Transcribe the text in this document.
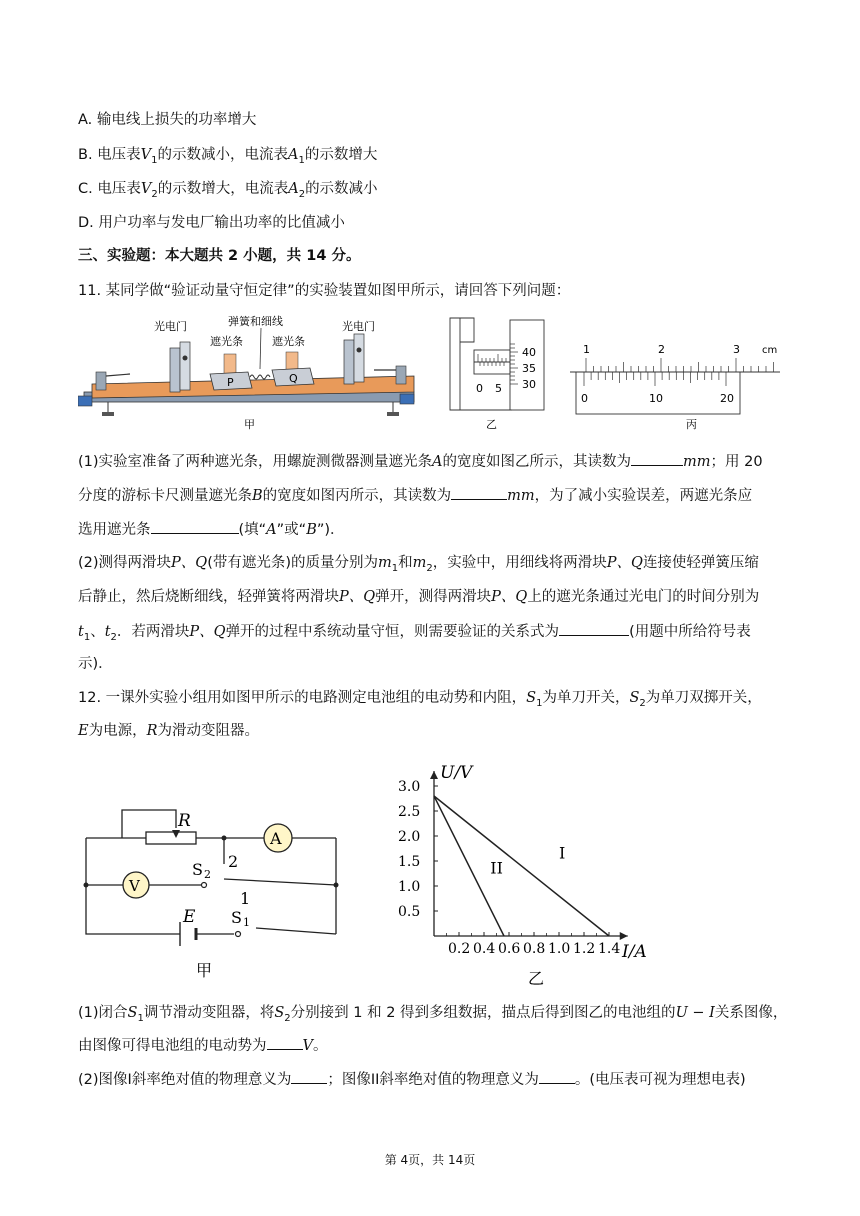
A. 输电线上损失的功率增大
B. 电压表$V_1$的示数减小，电流表$A_1$的示数增大
C. 电压表$V_2$的示数增大，电流表$A_2$的示数减小
D. 用户功率与发电厂输出功率的比值减小
三、实验题：本大题共 2 小题，共 14 分。
11. 某同学做“验证动量守恒定律”的实验装置如图甲所示，请回答下列问题：
光电门	弹簧和细线
遮光条	遮光条
光电门
P	Q
甲
0 5
40
35
30
乙
1	2	3 cm
0	10	20
丙
(1)实验室准备了两种遮光条，用螺旋测微器测量遮光条A的宽度如图乙所示，其读数为	mm；用 20
分度的游标卡尺测量遮光条B的宽度如图丙所示，其读数为	mm，为了减小实验误差，两遮光条应
选用遮光条	(填“A”或“B”)．
(2)测得两滑块P、Q(带有遮光条)的质量分别为$m_1$和$m_2$，实验中，用细线将两滑块P、Q连接使轻弹簧压缩
后静止，然后烧断细线，轻弹簧将两滑块P、Q弹开，测得两滑块P、Q上的遮光条通过光电门的时间分别为
$t_1$、$t_2$．若两滑块P、Q弹开的过程中系统动量守恒，则需要验证的关系式为	(用题中所给符号表
示)．
12. 一课外实验小组用如图甲所示的电路测定电池组的电动势和内阻，$S_1$为单刀开关，$S_2$为单刀双掷开关，
E为电源，R为滑动变阻器。
R
A
V
S 2
2
1
E S 1
甲
I
II
0.2 0.4 0.6 0.8 1.0 1.2 1.4
0.5
1.0
1.5
2.0
2.5
3.0
U/V
I/A
乙
(1)闭合$S_1$调节滑动变阻器，将$S_2$分别接到 1 和 2 得到多组数据，描点后得到图乙的电池组的U − I关系图像，
由图像可得电池组的电动势为 V。
(2)图像I斜率绝对值的物理意义为 ；图像II斜率绝对值的物理意义为 。(电压表可视为理想电表)
第 4页，共 14页
